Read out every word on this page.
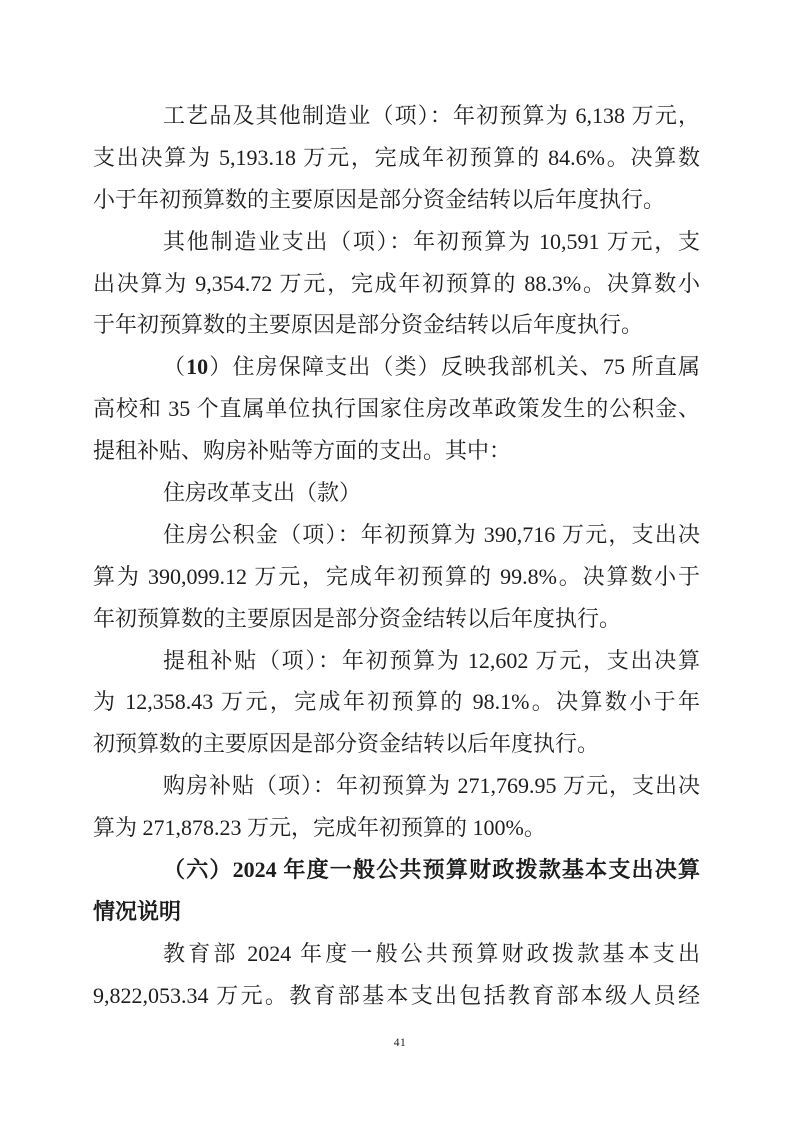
工艺品及其他制造业（项）：年初预算为 6,138 万元，
支出决算为 5,193.18 万元，完成年初预算的 84.6%。决算数
小于年初预算数的主要原因是部分资金结转以后年度执行。
其他制造业支出（项）：年初预算为 10,591 万元，支
出决算为 9,354.72 万元，完成年初预算的 88.3%。决算数小
于年初预算数的主要原因是部分资金结转以后年度执行。
（10）住房保障支出（类）反映我部机关、75 所直属
高校和 35 个直属单位执行国家住房改革政策发生的公积金、
提租补贴、购房补贴等方面的支出。其中：
住房改革支出（款）
住房公积金（项）：年初预算为 390,716 万元，支出决
算为 390,099.12 万元，完成年初预算的 99.8%。决算数小于
年初预算数的主要原因是部分资金结转以后年度执行。
提租补贴（项）：年初预算为 12,602 万元，支出决算
为 12,358.43 万元，完成年初预算的 98.1%。决算数小于年
初预算数的主要原因是部分资金结转以后年度执行。
购房补贴（项）：年初预算为 271,769.95 万元，支出决
算为 271,878.23 万元，完成年初预算的 100%。
（六）2024 年度一般公共预算财政拨款基本支出决算
情况说明
教育部 2024 年度一般公共预算财政拨款基本支出
9,822,053.34 万元。教育部基本支出包括教育部本级人员经
41
